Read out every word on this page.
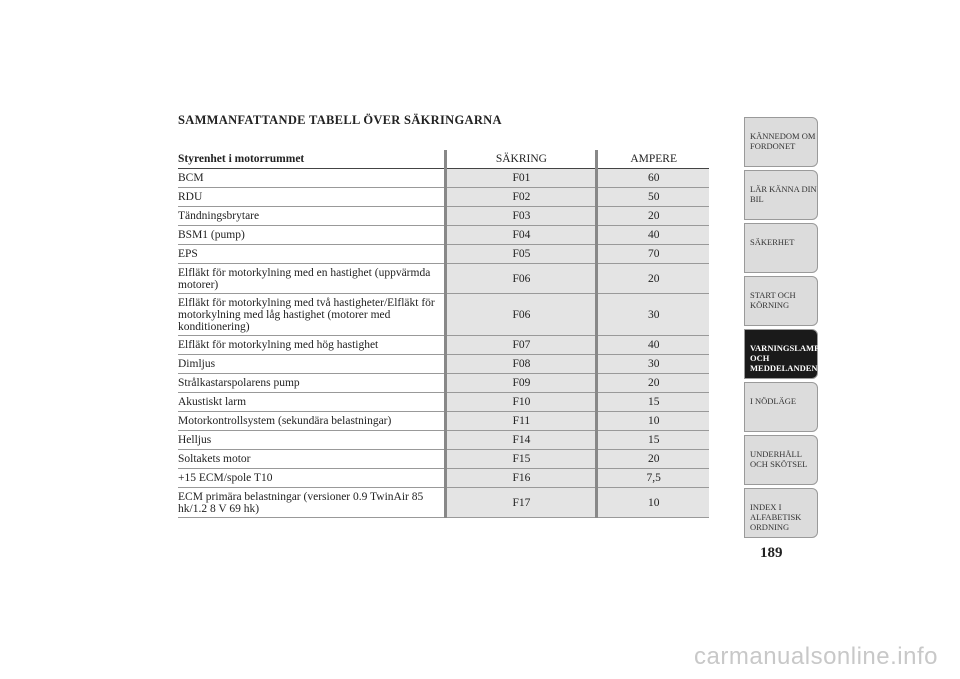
SAMMANFATTANDE TABELL ÖVER SÄKRINGARNA
Styrenhet i motorrummet	SÄKRING	AMPERE
BCM	F01	60
RDU	F02	50
Tändningsbrytare	F03	20
BSM1 (pump)	F04	40
EPS	F05	70
Elfläkt för motorkylning med en hastighet (uppvärmda motorer)	F06	20
Elfläkt för motorkylning med två hastigheter/Elfläkt för motorkylning med låg hastighet (motorer med konditionering)	F06	30
Elfläkt för motorkylning med hög hastighet	F07	40
Dimljus	F08	30
Strålkastarspolarens pump	F09	20
Akustiskt larm	F10	15
Motorkontrollsystem (sekundära belastningar)	F11	10
Helljus	F14	15
Soltakets motor	F15	20
+15 ECM/spole T10	F16	7,5
ECM primära belastningar (versioner 0.9 TwinAir 85 hk/1.2 8 V 69 hk)	F17	10
KÄNNEDOM OM FORDONET
LÄR KÄNNA DIN BIL
SÄKERHET
START OCH KÖRNING
VARNINGSLAMPOR OCH MEDDELANDEN
I NÖDLÄGE
UNDERHÅLL OCH SKÖTSEL
INDEX I ALFABETISK ORDNING
189
carmanualsonline.info
